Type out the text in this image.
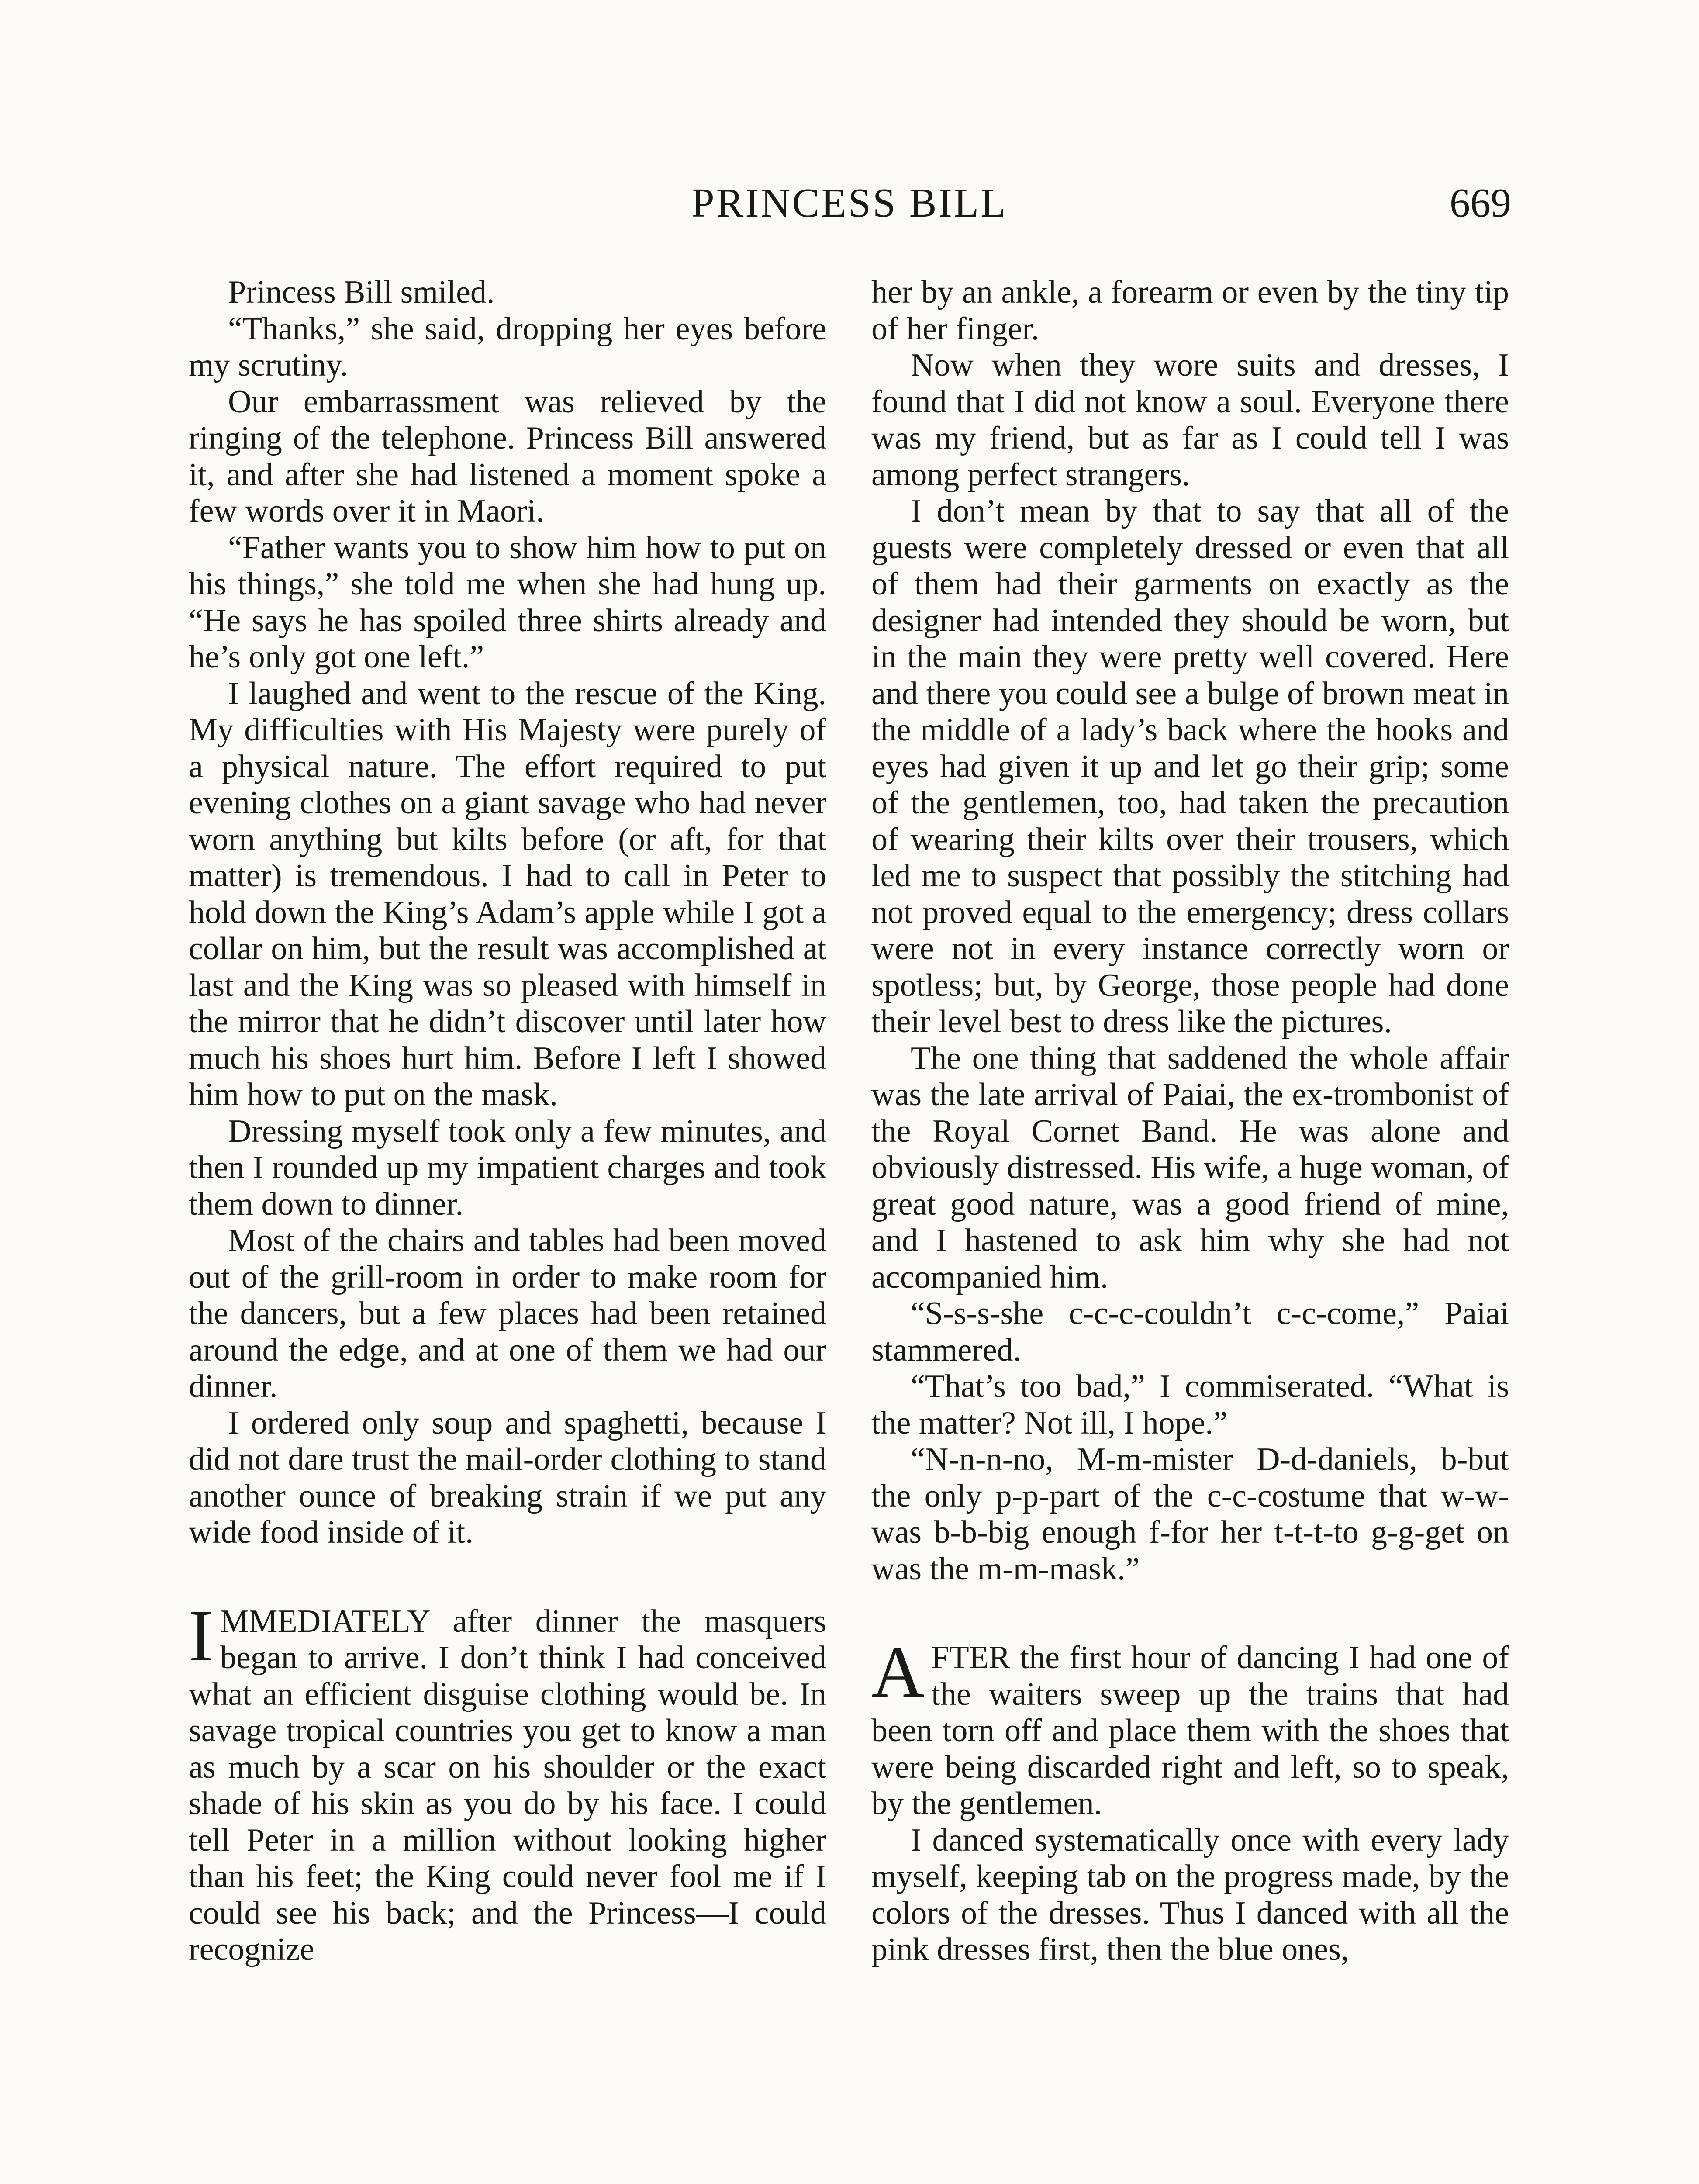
PRINCESS BILL	669

Princess Bill smiled.

“Thanks,” she said, dropping her eyes before my scrutiny.

Our embarrassment was relieved by the ringing of the telephone. Princess Bill answered it, and after she had listened a moment spoke a few words over it in Maori.

“Father wants you to show him how to put on his things,” she told me when she had hung up. “He says he has spoiled three shirts already and he’s only got one left.”

I laughed and went to the rescue of the King. My difficulties with His Majesty were purely of a physical nature. The effort required to put evening clothes on a giant savage who had never worn anything but kilts before (or aft, for that matter) is tremendous. I had to call in Peter to hold down the King’s Adam’s apple while I got a collar on him, but the result was accomplished at last and the King was so pleased with himself in the mirror that he didn’t discover until later how much his shoes hurt him. Before I left I showed him how to put on the mask.

Dressing myself took only a few minutes, and then I rounded up my impatient charges and took them down to dinner.

Most of the chairs and tables had been moved out of the grill-room in order to make room for the dancers, but a few places had been retained around the edge, and at one of them we had our dinner.

I ordered only soup and spaghetti, because I did not dare trust the mail-order clothing to stand another ounce of breaking strain if we put any wide food inside of it.

IMMEDIATELY after dinner the masquers began to arrive. I don’t think I had conceived what an efficient disguise clothing would be. In savage tropical countries you get to know a man as much by a scar on his shoulder or the exact shade of his skin as you do by his face. I could tell Peter in a million without looking higher than his feet; the King could never fool me if I could see his back; and the Princess—I could recognize

her by an ankle, a forearm or even by the tiny tip of her finger.

Now when they wore suits and dresses, I found that I did not know a soul. Everyone there was my friend, but as far as I could tell I was among perfect strangers.

I don’t mean by that to say that all of the guests were completely dressed or even that all of them had their garments on exactly as the designer had intended they should be worn, but in the main they were pretty well covered. Here and there you could see a bulge of brown meat in the middle of a lady’s back where the hooks and eyes had given it up and let go their grip; some of the gentlemen, too, had taken the precaution of wearing their kilts over their trousers, which led me to suspect that possibly the stitching had not proved equal to the emergency; dress collars were not in every instance correctly worn or spotless; but, by George, those people had done their level best to dress like the pictures.

The one thing that saddened the whole affair was the late arrival of Paiai, the ex-trombonist of the Royal Cornet Band. He was alone and obviously distressed. His wife, a huge woman, of great good nature, was a good friend of mine, and I hastened to ask him why she had not accompanied him.

“S-s-s-she c-c-c-couldn’t c-c-come,” Paiai stammered.

“That’s too bad,” I commiserated. “What is the matter? Not ill, I hope.”

“N-n-n-no, M-m-mister D-d-daniels, b-but the only p-p-part of the c-c-costume that w-w-was b-b-big enough f-for her t-t-t-to g-g-get on was the m-m-mask.”

AFTER the first hour of dancing I had one of the waiters sweep up the trains that had been torn off and place them with the shoes that were being discarded right and left, so to speak, by the gentlemen.

I danced systematically once with every lady myself, keeping tab on the progress made, by the colors of the dresses. Thus I danced with all the pink dresses first, then the blue ones,
